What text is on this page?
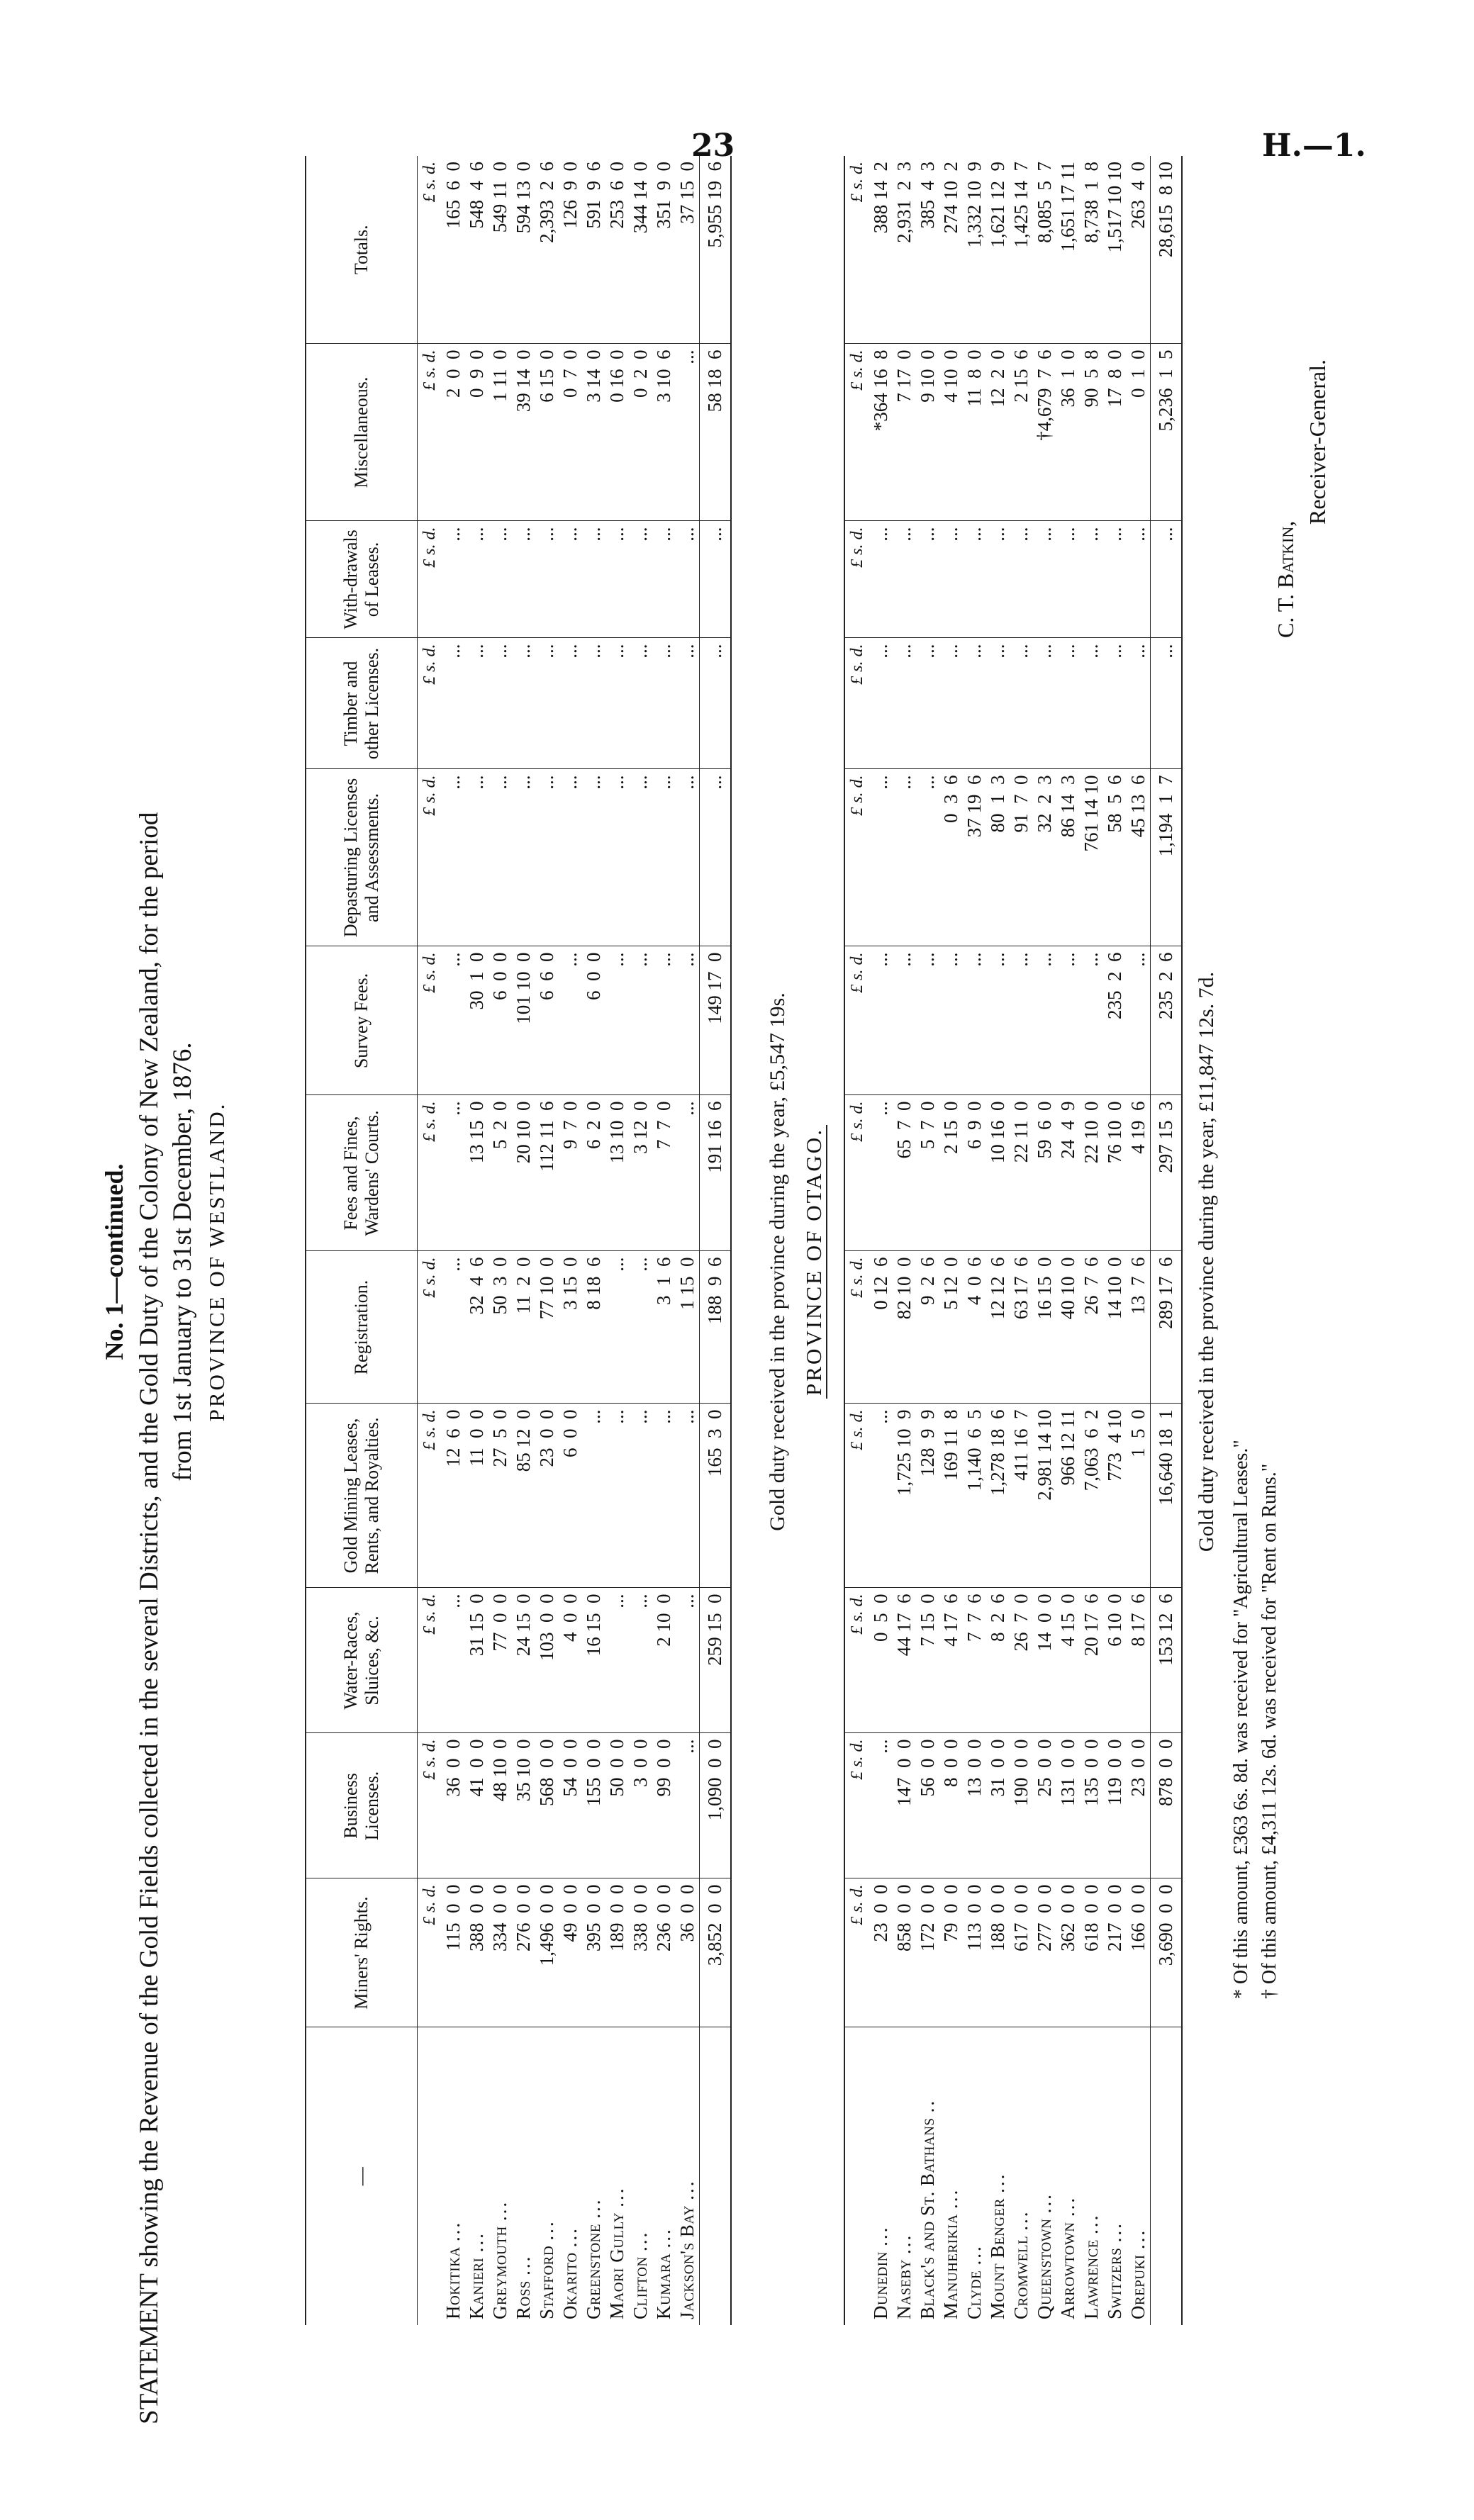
23	H.—1.
No. 1—continued. STATEMENT showing the Revenue of the Gold Fields collected in the several Districts, and the Gold Duty of the Colony of New Zealand, for the period from 1st January to 31st December, 1876. PROVINCE OF WESTLAND.
—	Miners' Rights.	Business Licenses.	Water-Races, Sluices, &c.	Gold Mining Leases, Rents, and Royalties.	Registration.	Fees and Fines, Wardens' Courts.	Survey Fees.	Depasturing Licenses and Assessments.	Timber and other Licenses.	With-drawals of Leases.	Miscellaneous.	Totals.
	£ s. d.	£ s. d.	£ s. d.	£ s. d.	£ s. d.	£ s. d.	£ s. d.	£ s. d.	£ s. d.	£ s. d.	£ s. d.	£ s. d.
Hokitika ...	115  0  0	36  0  0	...	12  6  0	...	...	...	...	...	...	2  0  0	165  6  0
Kanieri ...	388  0  0	41  0  0	31 15  0	11  0  0	32  4  6	13 15  0	30  1  0	...	...	...	0  9  0	548  4  6
Greymouth ...	334  0  0	48 10  0	77  0  0	27  5  0	50  3  0	5  2  0	6  0  0	...	...	...	1 11  0	549 11  0
Ross ...	276  0  0	35 10  0	24 15  0	85 12  0	11  2  0	20 10  0	101 10  0	...	...	...	39 14  0	594 13  0
Stafford ...	1,496  0  0	568  0  0	103  0  0	23  0  0	77 10  0	112 11  6	6  6  0	...	...	...	6 15  0	2,393  2  6
Okarito ...	49  0  0	54  0  0	4  0  0	6  0  0	3 15  0	9  7  0	...	...	...	...	0  7  0	126  9  0
Greenstone ...	395  0  0	155  0  0	16 15  0	...	8 18  6	6  2  0	6  0  0	...	...	...	3 14  0	591  9  6
Maori Gully ...	189  0  0	50  0  0	...	...	...	13 10  0	...	...	...	...	0 16  0	253  6  0
Clifton ...	338  0  0	3  0  0	...	...	...	3 12  0	...	...	...	...	0  2  0	344 14  0
Kumara ...	236  0  0	99  0  0	2 10  0	...	3  1  6	7  7  0	...	...	...	...	3 10  6	351  9  0
Jackson's Bay ...	36  0  0	...	...	...	1 15  0	...	...	...	...	...	...	37 15  0
	3,852  0  0	1,090  0  0	259 15  0	165  3  0	188  9  6	191 16  6	149 17  0	...	...	...	58 18  6	5,955 19  6
Gold duty received in the province during the year, £5,547 19s. PROVINCE OF OTAGO.
	£ s. d.	£ s. d.	£ s. d.	£ s. d.	£ s. d.	£ s. d.	£ s. d.	£ s. d.	£ s. d.	£ s. d.	£ s. d.	£ s. d.
Dunedin ...	23  0  0	...	0  5  0	...	0 12  6	...	...	...	...	...	*364 16  8	388 14  2
Naseby ...	858  0  0	147  0  0	44 17  6	1,725 10  9	82 10  0	65  7  0	...	...	...	...	7 17  0	2,931  2  3
Black's and St. Bathans ..	172  0  0	56  0  0	7 15  0	128  9  9	9  2  6	5  7  0	...	...	...	...	9 10  0	385  4  3
Manuherikia ...	79  0  0	8  0  0	4 17  6	169 11  8	5 12  0	2 15  0	...	0  3  6	...	...	4 10  0	274 10  2
Clyde ...	113  0  0	13  0  0	7  7  6	1,140  6  5	4  0  6	6  9  0	...	37 19  6	...	...	11  8  0	1,332 10  9
Mount Benger ...	188  0  0	31  0  0	8  2  6	1,278 18  6	12 12  6	10 16  0	...	80  1  3	...	...	12  2  0	1,621 12  9
Cromwell ...	617  0  0	190  0  0	26  7  0	411 16  7	63 17  6	22 11  0	...	91  7  0	...	...	2 15  6	1,425 14  7
Queenstown ...	277  0  0	25  0  0	14  0  0	2,981 14 10	16 15  0	59  6  0	...	32  2  3	...	...	†4,679  7  6	8,085  5  7
Arrowtown ...	362  0  0	131  0  0	4 15  0	966 12 11	40 10  0	24  4  9	...	86 14  3	...	...	36  1  0	1,651 17 11
Lawrence ...	618  0  0	135  0  0	20 17  6	7,063  6  2	26  7  6	22 10  0	...	761 14 10	...	...	90  5  8	8,738  1  8
Switzers ...	217  0  0	119  0  0	6 10  0	773  4 10	14 10  0	76 10  0	235  2  6	58  5  6	...	...	17  8  0	1,517 10 10
Orepuki ...	166  0  0	23  0  0	8 17  6	1  5  0	13  7  6	4 19  6	...	45 13  6	...	...	0  1  0	263  4  0
	3,690  0  0	878  0  0	153 12  6	16,640 18  1	289 17  6	297 15  3	235  2  6	1,194  1  7	...	...	5,236  1  5	28,615  8 10
Gold duty received in the province during the year, £11,847 12s. 7d.
* Of this amount, £363 6s. 8d. was received for "Agricultural Leases." † Of this amount, £4,311 12s. 6d. was received for "Rent on Runs."
C. T. Batkin,
Receiver-General.
